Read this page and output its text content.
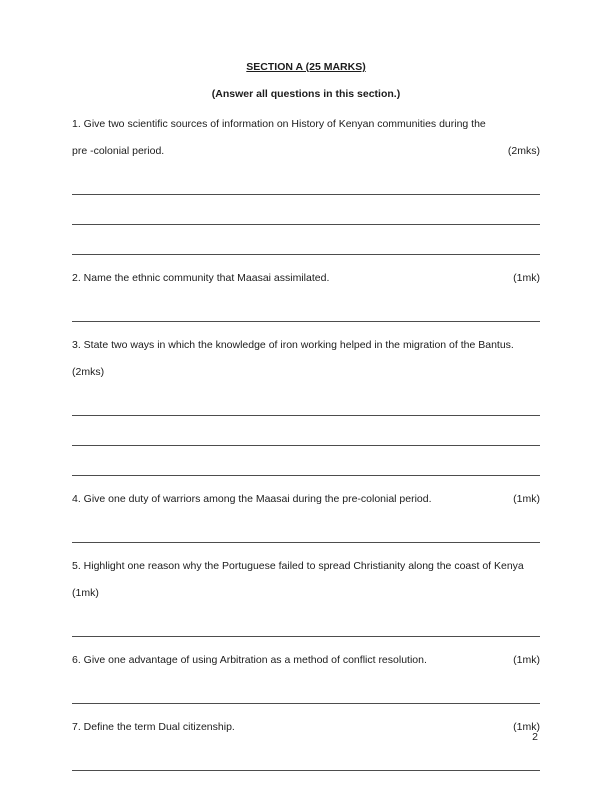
SECTION A (25 MARKS)
(Answer all questions in this section.)
1. Give two scientific sources of information on History of Kenyan communities during the pre -colonial period.	(2mks)
2. Name the ethnic community that Maasai assimilated.	(1mk)
3. State two ways in which the knowledge of iron working helped in the migration of the Bantus. (2mks)
4. Give one duty of warriors among the Maasai during the pre-colonial period.	(1mk)
5. Highlight one reason why the Portuguese failed to spread Christianity along the coast of Kenya (1mk)
6. Give one advantage of using Arbitration as a method of conflict resolution.	(1mk)
7. Define the term Dual citizenship.	(1mk)
2
